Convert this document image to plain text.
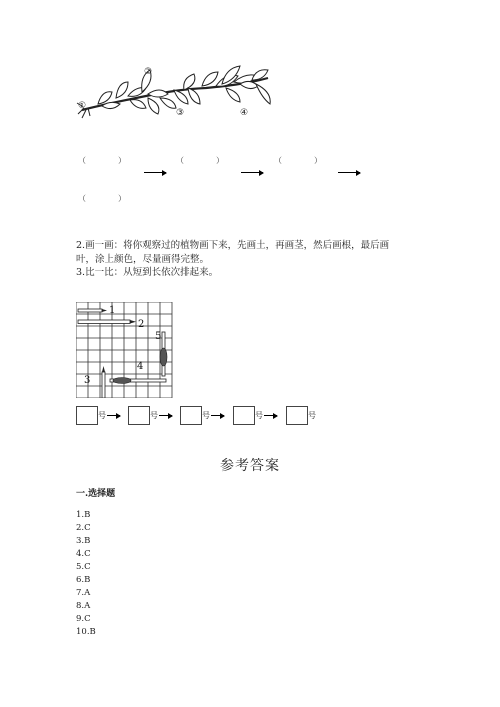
①
②
③	④
（　　　　）	（　　　　）	（　　　　）
（　　　　）
2.画一画：将你观察过的植物画下来，先画土，再画茎，然后画根，最后画
叶，涂上颜色，尽量画得完整。
3.比一比：从短到长依次排起来。
1
2
3
4
5
号	号	号	号	号
参考答案
一.选择题
1.B
2.C
3.B
4.C
5.C
6.B
7.A
8.A
9.C
10.B
